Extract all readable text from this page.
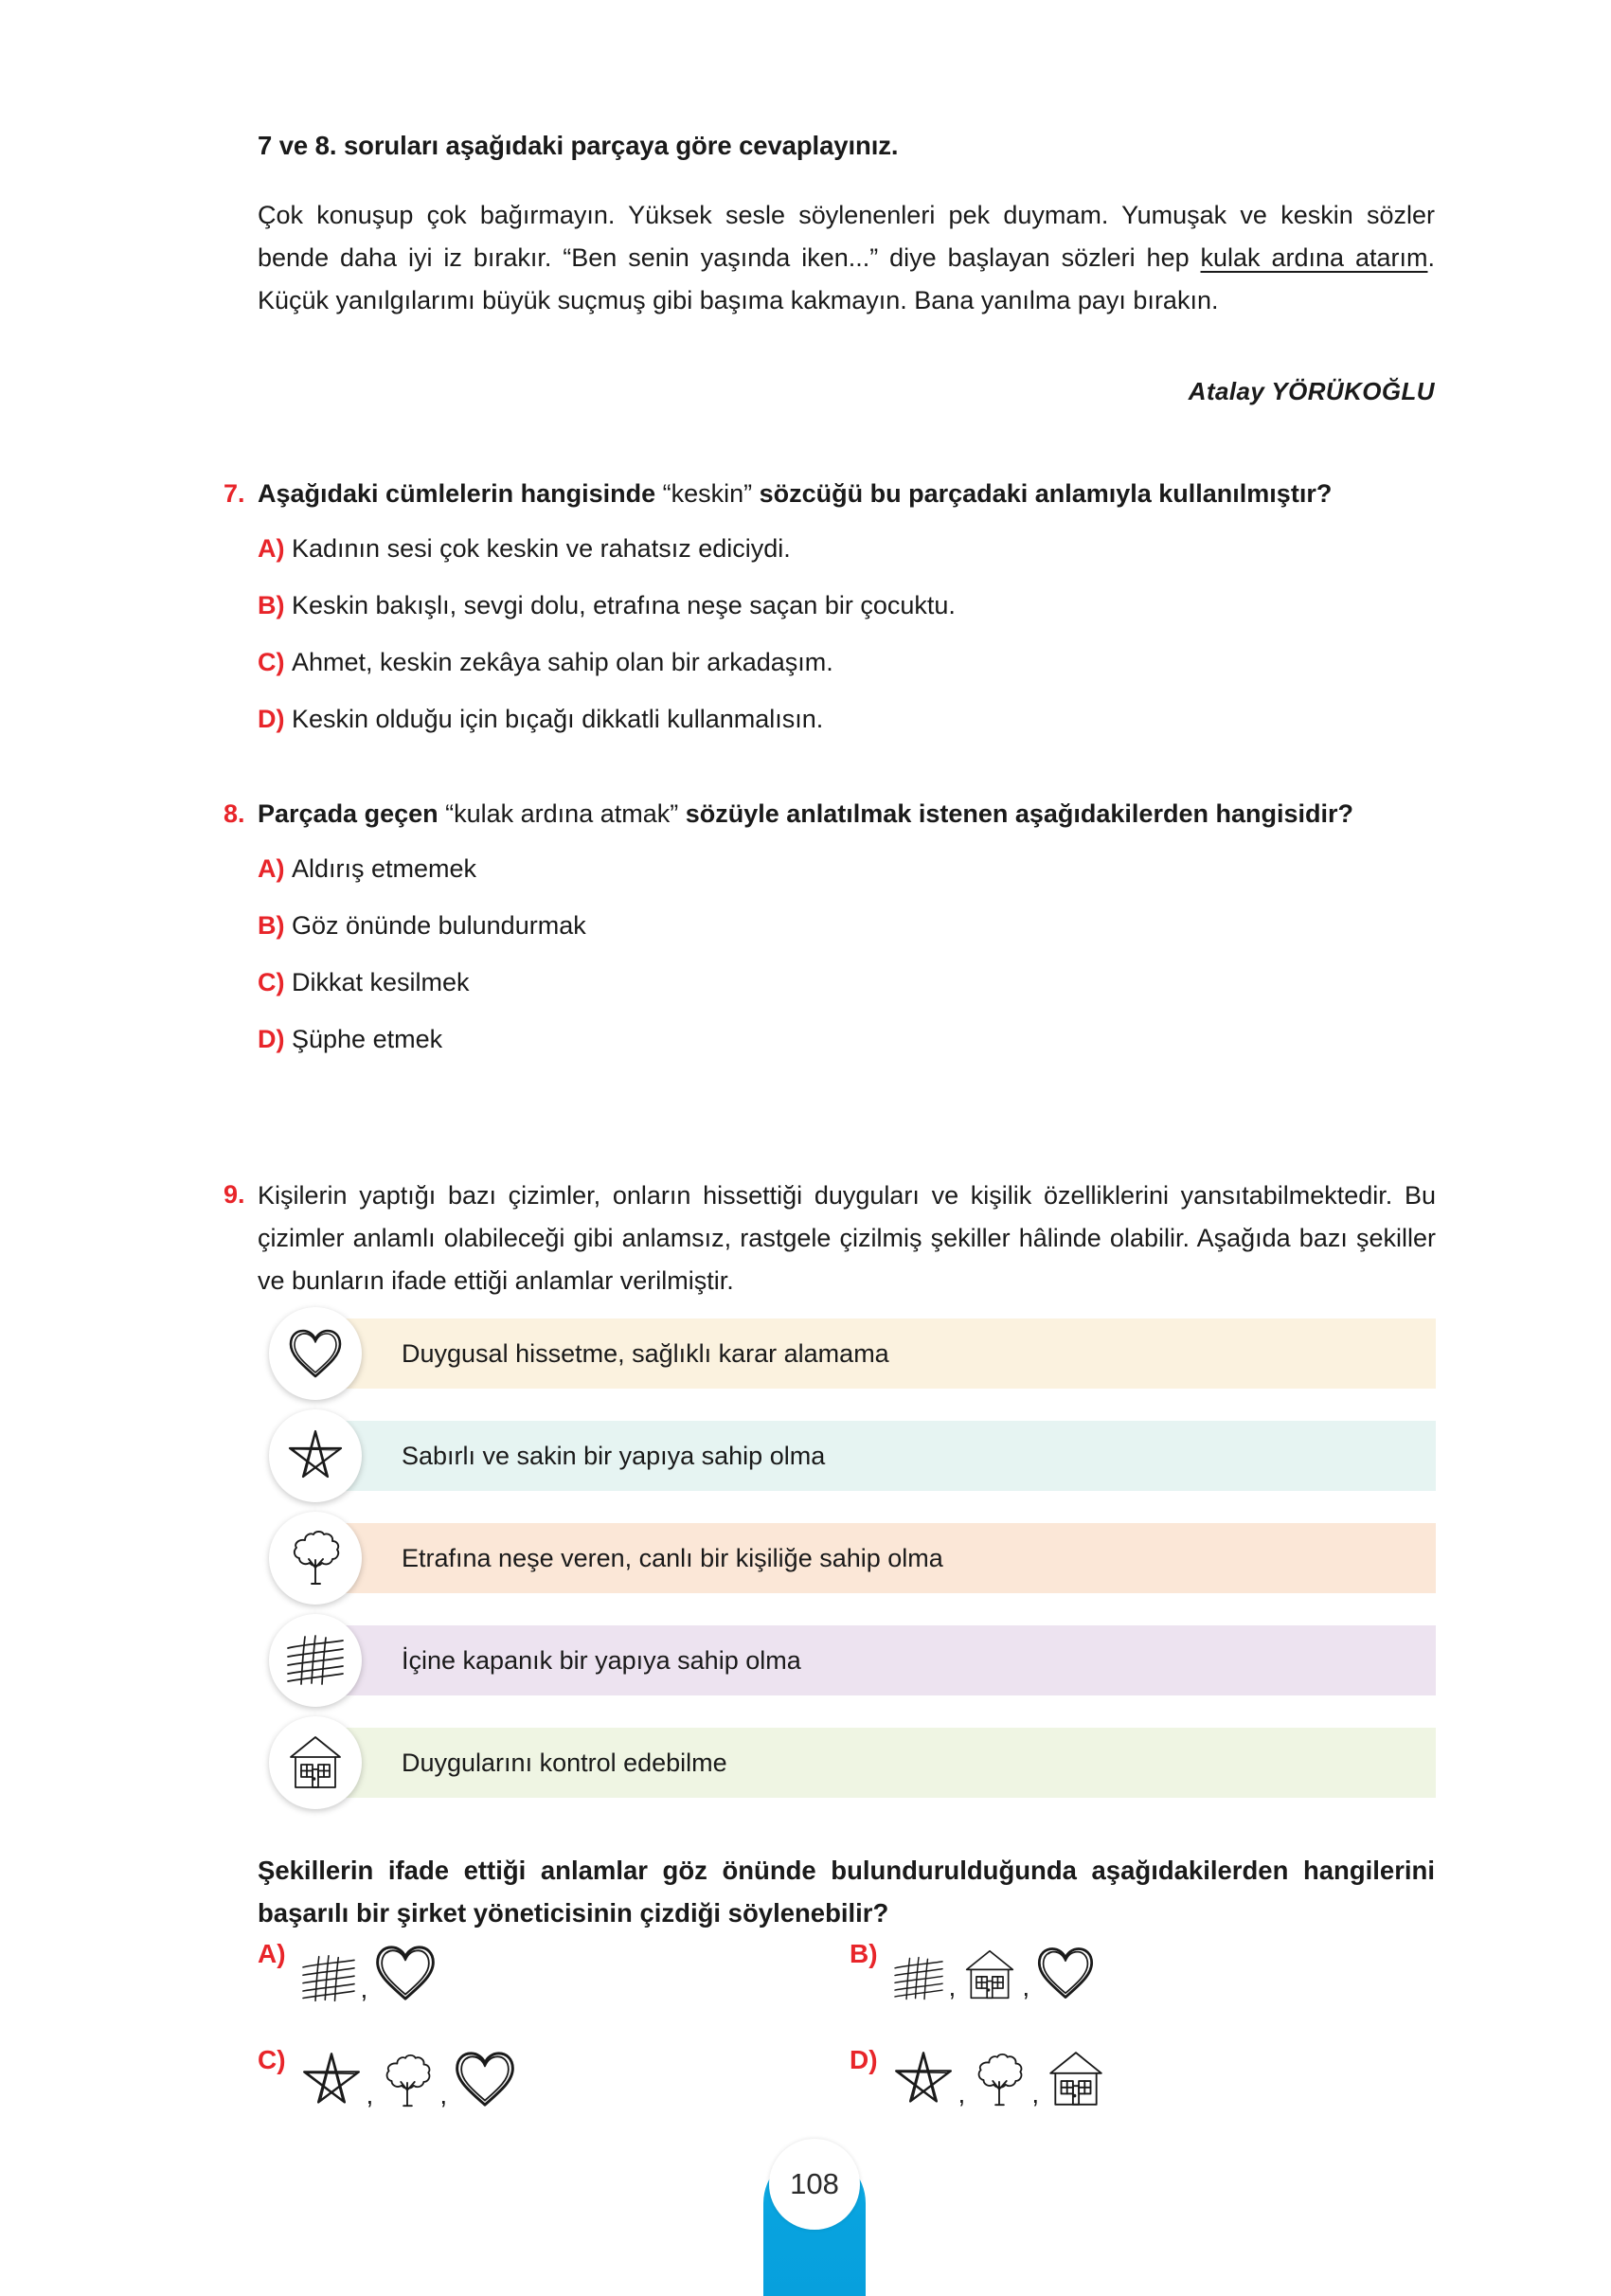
7 ve 8. soruları aşağıdaki parçaya göre cevaplayınız.
Çok konuşup çok bağırmayın. Yüksek sesle söylenenleri pek duymam. Yumuşak ve keskin sözler bende daha iyi iz bırakır. “Ben senin yaşında iken...” diye başlayan sözleri hep kulak ardına atarım. Küçük yanılgılarımı büyük suçmuş gibi başıma kakmayın. Bana yanılma payı bırakın.
Atalay YÖRÜKOĞLU
7. Aşağıdaki cümlelerin hangisinde “keskin” sözcüğü bu parçadaki anlamıyla kullanılmıştır?
A) Kadının sesi çok keskin ve rahatsız ediciydi.
B) Keskin bakışlı, sevgi dolu, etrafına neşe saçan bir çocuktu.
C) Ahmet, keskin zekâya sahip olan bir arkadaşım.
D) Keskin olduğu için bıçağı dikkatli kullanmalısın.
8. Parçada geçen “kulak ardına atmak” sözüyle anlatılmak istenen aşağıdakilerden hangisidir?
A) Aldırış etmemek
B) Göz önünde bulundurmak
C) Dikkat kesilmek
D) Şüphe etmek
9. Kişilerin yaptığı bazı çizimler, onların hissettiği duyguları ve kişilik özelliklerini yansıtabilmektedir. Bu çizimler anlamlı olabileceği gibi anlamsız, rastgele çizilmiş şekiller hâlinde olabilir. Aşağıda bazı şekiller ve bunların ifade ettiği anlamlar verilmiştir.
Duygusal hissetme, sağlıklı karar alamama
Sabırlı ve sakin bir yapıya sahip olma
Etrafına neşe veren, canlı bir kişiliğe sahip olma
İçine kapanık bir yapıya sahip olma
Duygularını kontrol edebilme
Şekillerin ifade ettiği anlamlar göz önünde bulundurulduğunda aşağıdakilerden hangilerini başarılı bir şirket yöneticisinin çizdiği söylenebilir?
A)
,
B)
,	,
C)
,	,
D)
,	,
108
